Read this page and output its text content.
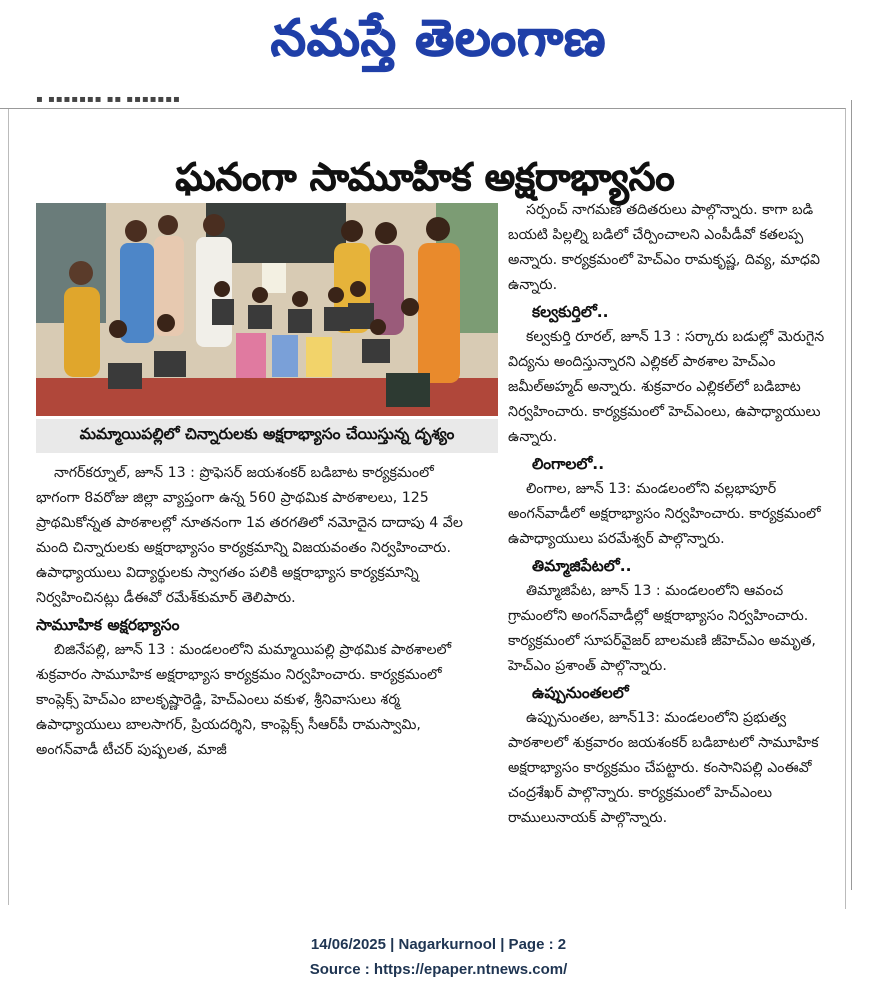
నమస్తే తెలంగాణ
▪ ▪▪▪▪▪▪▪ ▪▪ ▪▪▪▪▪▪▪
ఘనంగా సామూహిక అక్షరాభ్యాసం
మమ్మాయిపల్లిలో చిన్నారులకు అక్షరాభ్యాసం చేయిస్తున్న దృశ్యం

నాగర్‌కర్నూల్‌, జూన్‌ 13 : ప్రొఫెసర్‌ జయశంకర్‌ బడిబాట కార్యక్రమంలో భాగంగా 8వరోజు జిల్లా వ్యాప్తంగా ఉన్న 560 ప్రాథమిక పాఠశాలలు, 125 ప్రాథమికోన్నత పాఠశాలల్లో నూతనంగా 1వ తరగతిలో నమోదైన దాదాపు 4 వేల మంది చిన్నారులకు అక్షరాభ్యాసం కార్యక్రమాన్ని విజయవంతం నిర్వహించారు. ఉపాధ్యాయులు విద్యార్థులకు స్వాగతం పలికి అక్షరాభ్యాస కార్యక్రమాన్ని నిర్వహించినట్లు డీఈవో రమేశ్‌కుమార్‌ తెలిపారు.

సామూహిక అక్షరభ్యాసం

బిజినేపల్లి, జూన్‌ 13 : మండలంలోని మమ్మాయిపల్లి ప్రాథమిక పాఠశాలలో శుక్రవారం సామూహిక అక్షరాభ్యాస కార్యక్రమం నిర్వహించారు. కార్యక్రమంలో కాంప్లెక్స్‌ హెచ్‌ఎం బాలకృష్ణారెడ్డి, హెచ్‌ఎంలు వకుళ, శ్రీనివాసులు శర్మ ఉపాధ్యాయులు బాలసాగర్‌, ప్రియదర్శిని, కాంప్లెక్స్‌ సీఆర్‌పీ రామస్వామి, అంగన్‌వాడీ టీచర్‌ పుష్పలత, మాజీ

సర్పంచ్‌ నాగమణి తదితరులు పాల్గొన్నారు. కాగా బడి బయటి పిల్లల్ని బడిలో చేర్పించాలని ఎంపీడీవో కతలప్ప అన్నారు. కార్యక్రమంలో హెచ్‌ఎం రామకృష్ణ, దివ్య, మాధవి ఉన్నారు.

కల్వకుర్తిలో..

కల్వకుర్తి రూరల్‌, జూన్‌ 13 : సర్కారు బడుల్లో మెరుగైన విద్యను అందిస్తున్నారని ఎల్లికల్‌ పాఠశాల హెచ్‌ఎం జమీల్‌అహ్మద్‌ అన్నారు. శుక్రవారం ఎల్లికల్‌లో బడిబాట నిర్వహించారు. కార్యక్రమంలో హెచ్‌ఎంలు, ఉపాధ్యాయులు ఉన్నారు.

లింగాలలో..

లింగాల, జూన్‌ 13: మండలంలోని వల్లభాపూర్‌ అంగన్‌వాడీలో అక్షరాభ్యాసం నిర్వహించారు. కార్యక్రమంలో ఉపాధ్యాయులు పరమేశ్వర్‌ పాల్గొన్నారు.

తిమ్మాజిపేటలో..

తిమ్మాజిపేట, జూన్‌ 13 : మండలంలోని ఆవంచ గ్రామంలోని అంగన్‌వాడీల్లో అక్షరాభ్యాసం నిర్వహించారు. కార్యక్రమంలో సూపర్‌వైజర్‌ బాలమణి జీహెచ్‌ఎం అమృత, హెచ్‌ఎం ప్రశాంత్‌ పాల్గొన్నారు.

ఉప్పునుంతలలో

ఉప్పునుంతల, జూన్‌13: మండలంలోని ప్రభుత్వ పాఠశాలలో శుక్రవారం జయశంకర్‌ బడిబాటలో సామూహిక అక్షరాభ్యాసం కార్యక్రమం చేపట్టారు. కంసానిపల్లి ఎంఈవో చంద్రశేఖర్‌ పాల్గొన్నారు. కార్యక్రమంలో హెచ్‌ఎంలు రాములునాయక్‌ పాల్గొన్నారు.

14/06/2025 | Nagarkurnool | Page : 2
Source : https://epaper.ntnews.com/
